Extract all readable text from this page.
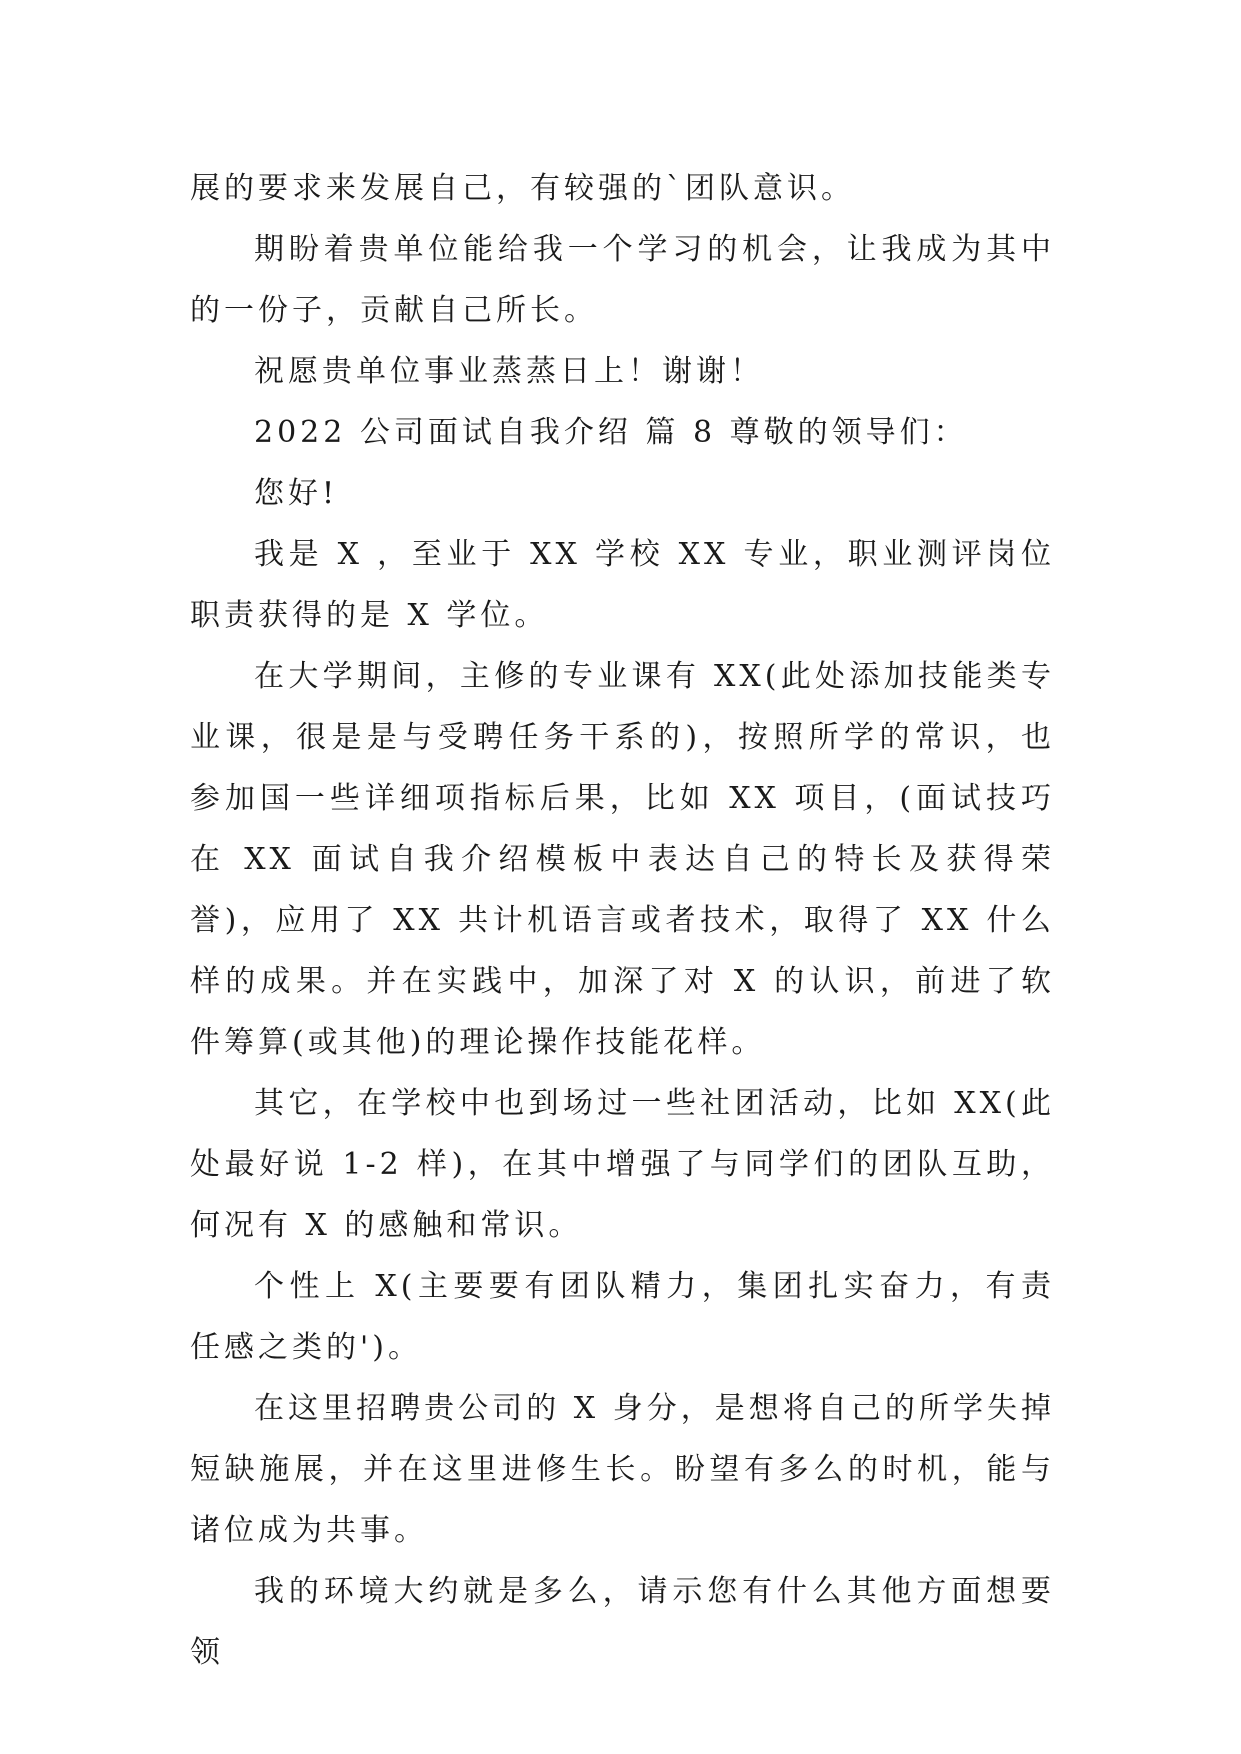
展的要求来发展自己，有较强的`团队意识。

期盼着贵单位能给我一个学习的机会，让我成为其中的一份子，贡献自己所长。

祝愿贵单位事业蒸蒸日上！谢谢！

2022 公司面试自我介绍 篇 8 尊敬的领导们：

您好!

我是 X ，至业于 XX 学校 XX 专业，职业测评岗位职责获得的是 X 学位。

在大学期间，主修的专业课有 XX(此处添加技能类专业课，很是是与受聘任务干系的)，按照所学的常识，也参加国一些详细项指标后果，比如 XX 项目，(面试技巧在 XX 面试自我介绍模板中表达自己的特长及获得荣誉)，应用了 XX 共计机语言或者技术，取得了 XX 什么样的成果。并在实践中，加深了对 X 的认识，前进了软件筹算(或其他)的理论操作技能花样。

其它，在学校中也到场过一些社团活动，比如 XX(此处最好说 1-2 样)，在其中增强了与同学们的团队互助，何况有 X 的感触和常识。

个性上 X(主要要有团队精力，集团扎实奋力，有责任感之类的')。

在这里招聘贵公司的 X 身分，是想将自己的所学失掉短缺施展，并在这里进修生长。盼望有多么的时机，能与诸位成为共事。

我的环境大约就是多么，请示您有什么其他方面想要领
